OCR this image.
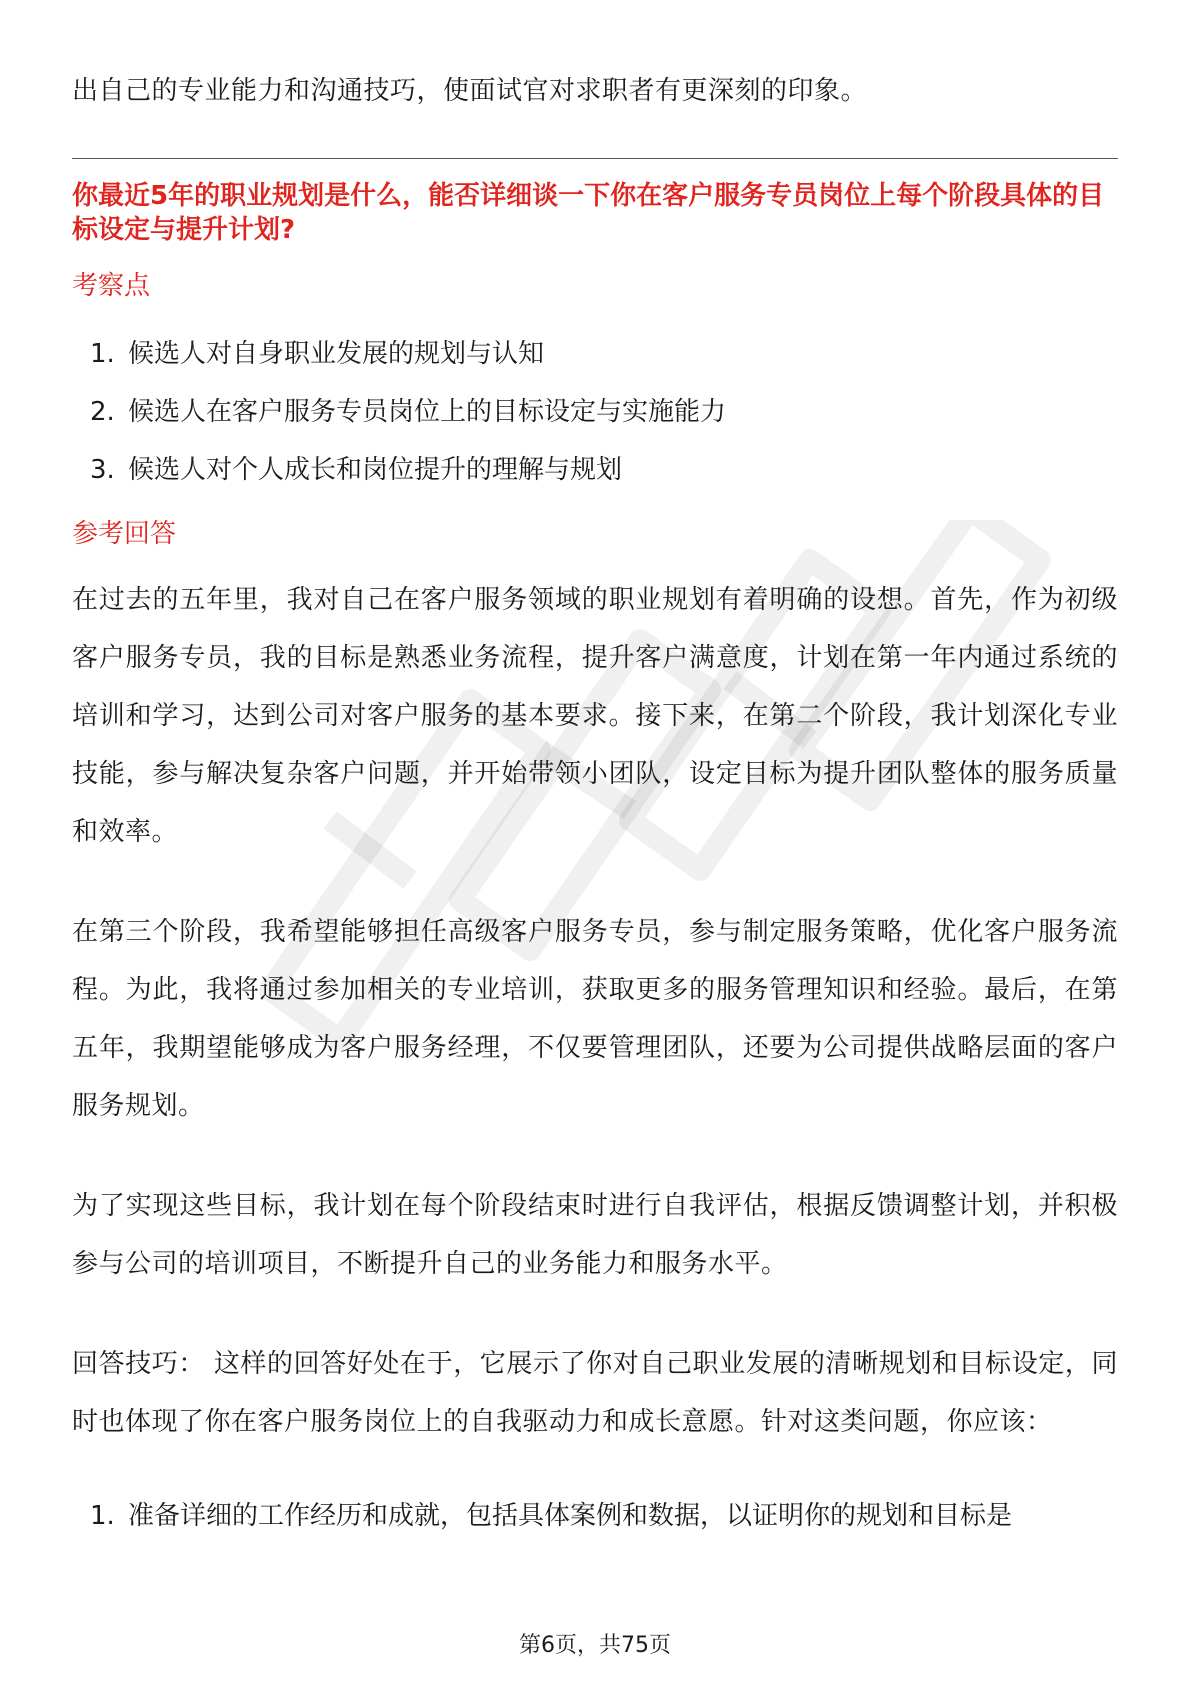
出自己的专业能力和沟通技巧，使面试官对求职者有更深刻的印象。

你最近5年的职业规划是什么，能否详细谈一下你在客户服务专员岗位上每个阶段具体的目标设定与提升计划?

考察点

1. 候选人对自身职业发展的规划与认知
2. 候选人在客户服务专员岗位上的目标设定与实施能力
3. 候选人对个人成长和岗位提升的理解与规划

参考回答

在过去的五年里，我对自己在客户服务领域的职业规划有着明确的设想。首先，作为初级客户服务专员，我的目标是熟悉业务流程，提升客户满意度，计划在第一年内通过系统的培训和学习，达到公司对客户服务的基本要求。接下来，在第二个阶段，我计划深化专业技能，参与解决复杂客户问题，并开始带领小团队，设定目标为提升团队整体的服务质量和效率。

在第三个阶段，我希望能够担任高级客户服务专员，参与制定服务策略，优化客户服务流程。为此，我将通过参加相关的专业培训，获取更多的服务管理知识和经验。最后，在第五年，我期望能够成为客户服务经理，不仅要管理团队，还要为公司提供战略层面的客户服务规划。

为了实现这些目标，我计划在每个阶段结束时进行自我评估，根据反馈调整计划，并积极参与公司的培训项目，不断提升自己的业务能力和服务水平。

回答技巧： 这样的回答好处在于，它展示了你对自己职业发展的清晰规划和目标设定，同时也体现了你在客户服务岗位上的自我驱动力和成长意愿。针对这类问题，你应该：

1. 准备详细的工作经历和成就，包括具体案例和数据，以证明你的规划和目标是
第6页，共75页
